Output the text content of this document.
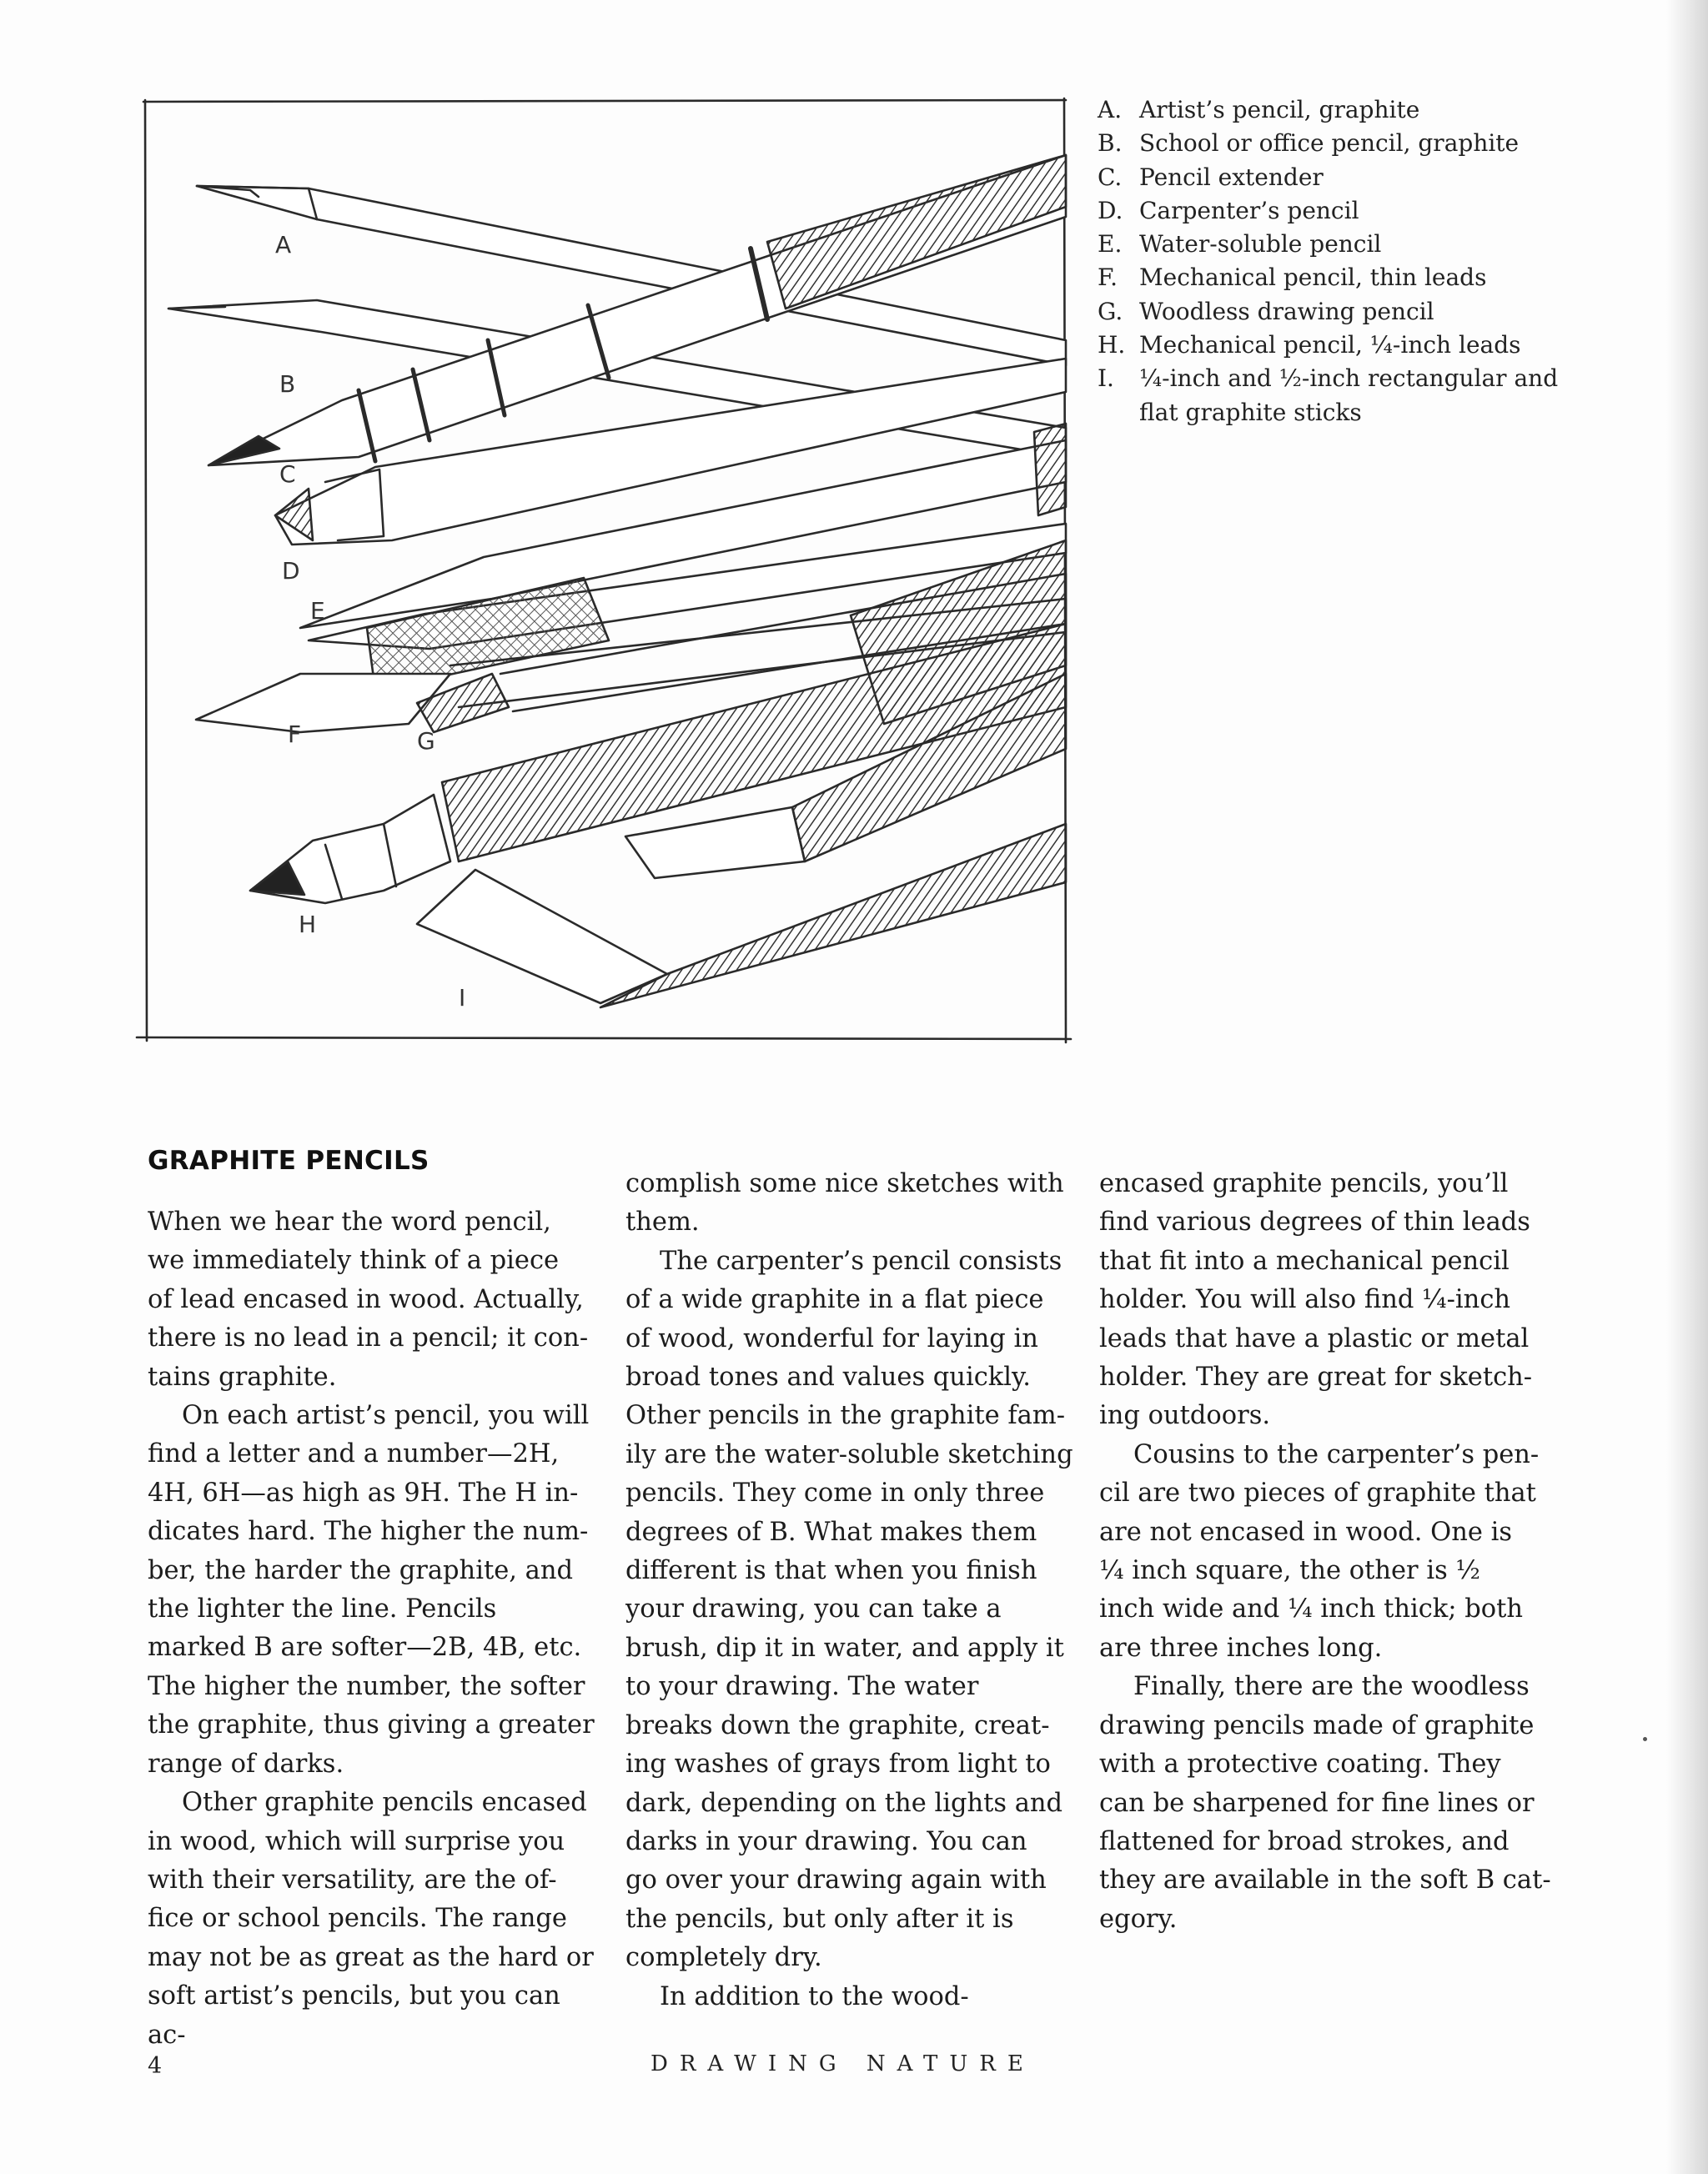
A
B
C
D
E
F	G
H
I
A. Artist’s pencil, graphite
B. School or office pencil, graphite
C. Pencil extender
D. Carpenter’s pencil
E. Water-soluble pencil
F. Mechanical pencil, thin leads
G. Woodless drawing pencil
H. Mechanical pencil, ¼-inch leads
I. ¼-inch and ½-inch rectangular and flat graphite sticks
GRAPHITE PENCILS

When we hear the word pencil,

we immediately think of a piece

of lead encased in wood. Actually,

there is no lead in a pencil; it con-

tains graphite.

On each artist’s pencil, you will

find a letter and a number—2H,

4H, 6H—as high as 9H. The H in-

dicates hard. The higher the num-

ber, the harder the graphite, and

the lighter the line. Pencils

marked B are softer—2B, 4B, etc.

The higher the number, the softer

the graphite, thus giving a greater

range of darks.

Other graphite pencils encased

in wood, which will surprise you

with their versatility, are the of-

fice or school pencils. The range

may not be as great as the hard or

soft artist’s pencils, but you can ac-

complish some nice sketches with

them.

The carpenter’s pencil consists

of a wide graphite in a flat piece

of wood, wonderful for laying in

broad tones and values quickly.

Other pencils in the graphite fam-

ily are the water-soluble sketching

pencils. They come in only three

degrees of B. What makes them

different is that when you finish

your drawing, you can take a

brush, dip it in water, and apply it

to your drawing. The water

breaks down the graphite, creat-

ing washes of grays from light to

dark, depending on the lights and

darks in your drawing. You can

go over your drawing again with

the pencils, but only after it is

completely dry.

In addition to the wood-

encased graphite pencils, you’ll

find various degrees of thin leads

that fit into a mechanical pencil

holder. You will also find ¼-inch

leads that have a plastic or metal

holder. They are great for sketch-

ing outdoors.

Cousins to the carpenter’s pen-

cil are two pieces of graphite that

are not encased in wood. One is

¼ inch square, the other is ½

inch wide and ¼ inch thick; both

are three inches long.

Finally, there are the woodless

drawing pencils made of graphite

with a protective coating. They

can be sharpened for fine lines or

flattened for broad strokes, and

they are available in the soft B cat-

egory.

4	DRAWING NATURE
